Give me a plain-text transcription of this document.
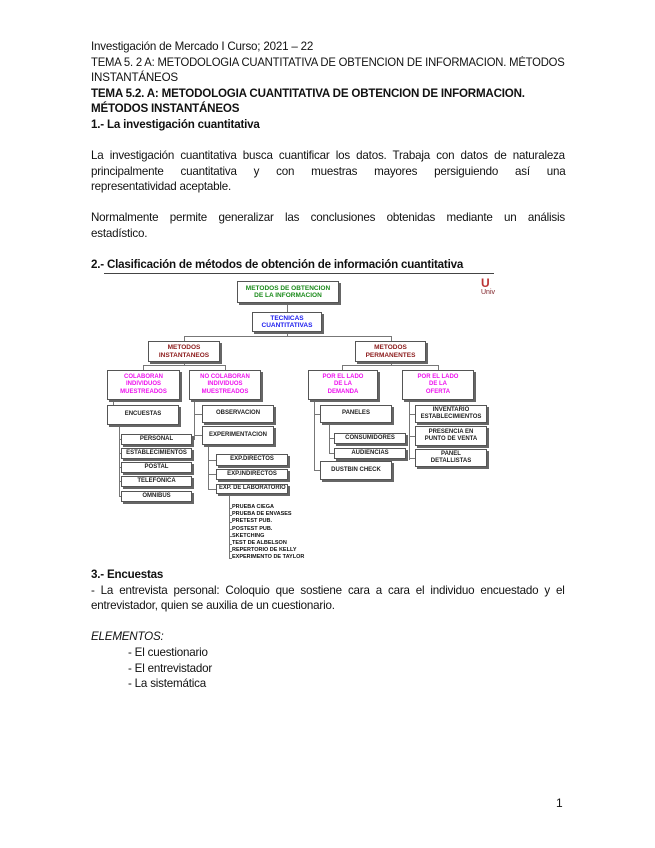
Investigación de Mercado I Curso; 2021 – 22
TEMA 5. 2 A: METODOLOGIA CUANTITATIVA DE OBTENCION DE INFORMACION. MÉTODOS
INSTANTÁNEOS
TEMA 5.2. A: METODOLOGIA CUANTITATIVA DE OBTENCION DE INFORMACION.
MÉTODOS INSTANTÁNEOS
1.- La investigación cuantitativa
La investigación cuantitativa busca cuantificar los datos. Trabaja con datos de naturaleza
principalmente cuantitativa y con muestras mayores persiguiendo así una
representatividad aceptable.
Normalmente permite generalizar las conclusiones obtenidas mediante un análisis
estadístico.
2.- Clasificación de métodos de obtención de información cuantitativa
U
Univ
METODOS DE OBTENCION
DE LA INFORMACION
TECNICAS
CUANTITATIVAS
METODOS
INSTANTANEOS
METODOS
PERMANENTES
COLABORAN
INDIVIDUOS
MUESTREADOS
NO COLABORAN
INDIVIDUOS
MUESTREADOS
POR EL LADO
DE LA
DEMANDA
POR EL LADO
DE LA
OFERTA
ENCUESTAS
PERSONAL
ESTABLECIMIENTOS
POSTAL
TELEFONICA
OMNIBUS
OBSERVACION
EXPERIMENTACION
EXP.DIRECTOS
EXP.INDIRECTOS
EXP. DE LABORATORIO
PANELES
CONSUMIDORES
AUDIENCIAS
DUSTBIN CHECK
INVENTARIO
ESTABLECIMIENTOS
PRESENCIA EN
PUNTO DE VENTA
PANEL
DETALLISTAS
PRUEBA CIEGA
PRUEBA DE ENVASES
PRETEST PUB.
POSTEST PUB.
SKETCHING
TEST DE ALBELSON
REPERTORIO DE KELLY
EXPERIMENTO DE TAYLOR
3.- Encuestas
- La entrevista personal: Coloquio que sostiene cara a cara el individuo encuestado y el
entrevistador, quien se auxilia de un cuestionario.
ELEMENTOS:
- El cuestionario
- El entrevistador
- La sistemática
1
